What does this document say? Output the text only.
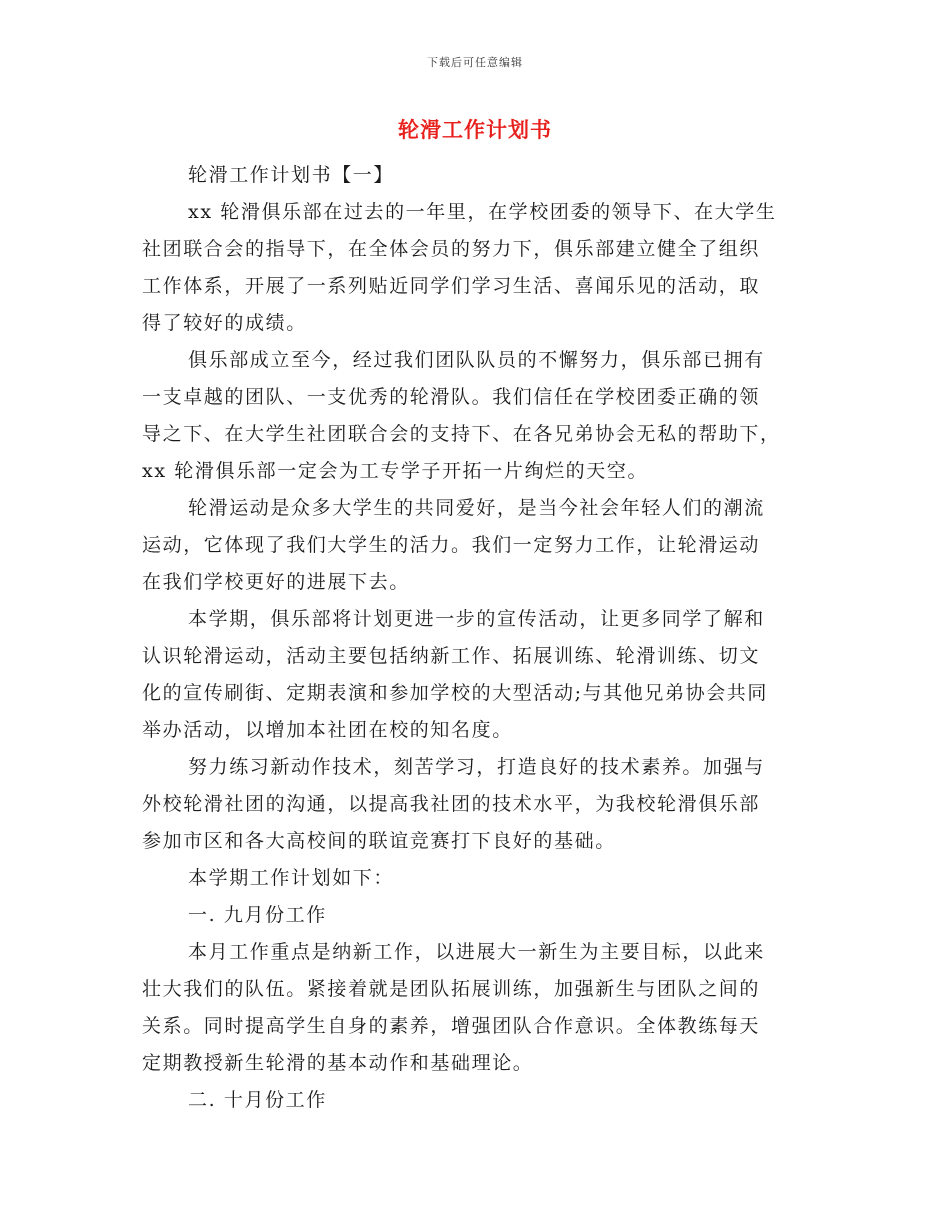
下载后可任意编辑
轮滑工作计划书
轮滑工作计划书【一】
xx 轮滑俱乐部在过去的一年里，在学校团委的领导下、在大学生
社团联合会的指导下，在全体会员的努力下，俱乐部建立健全了组织
工作体系，开展了一系列贴近同学们学习生活、喜闻乐见的活动，取
得了较好的成绩。
俱乐部成立至今，经过我们团队队员的不懈努力，俱乐部已拥有
一支卓越的团队、一支优秀的轮滑队。我们信任在学校团委正确的领
导之下、在大学生社团联合会的支持下、在各兄弟协会无私的帮助下，
xx 轮滑俱乐部一定会为工专学子开拓一片绚烂的天空。
轮滑运动是众多大学生的共同爱好，是当今社会年轻人们的潮流
运动，它体现了我们大学生的活力。我们一定努力工作，让轮滑运动
在我们学校更好的进展下去。
本学期，俱乐部将计划更进一步的宣传活动，让更多同学了解和
认识轮滑运动，活动主要包括纳新工作、拓展训练、轮滑训练、切文
化的宣传刷街、定期表演和参加学校的大型活动;与其他兄弟协会共同
举办活动，以增加本社团在校的知名度。
努力练习新动作技术，刻苦学习，打造良好的技术素养。加强与
外校轮滑社团的沟通，以提高我社团的技术水平，为我校轮滑俱乐部
参加市区和各大高校间的联谊竞赛打下良好的基础。
本学期工作计划如下：
一. 九月份工作
本月工作重点是纳新工作，以进展大一新生为主要目标，以此来
壮大我们的队伍。紧接着就是团队拓展训练，加强新生与团队之间的
关系。同时提高学生自身的素养，增强团队合作意识。全体教练每天
定期教授新生轮滑的基本动作和基础理论。
二. 十月份工作
